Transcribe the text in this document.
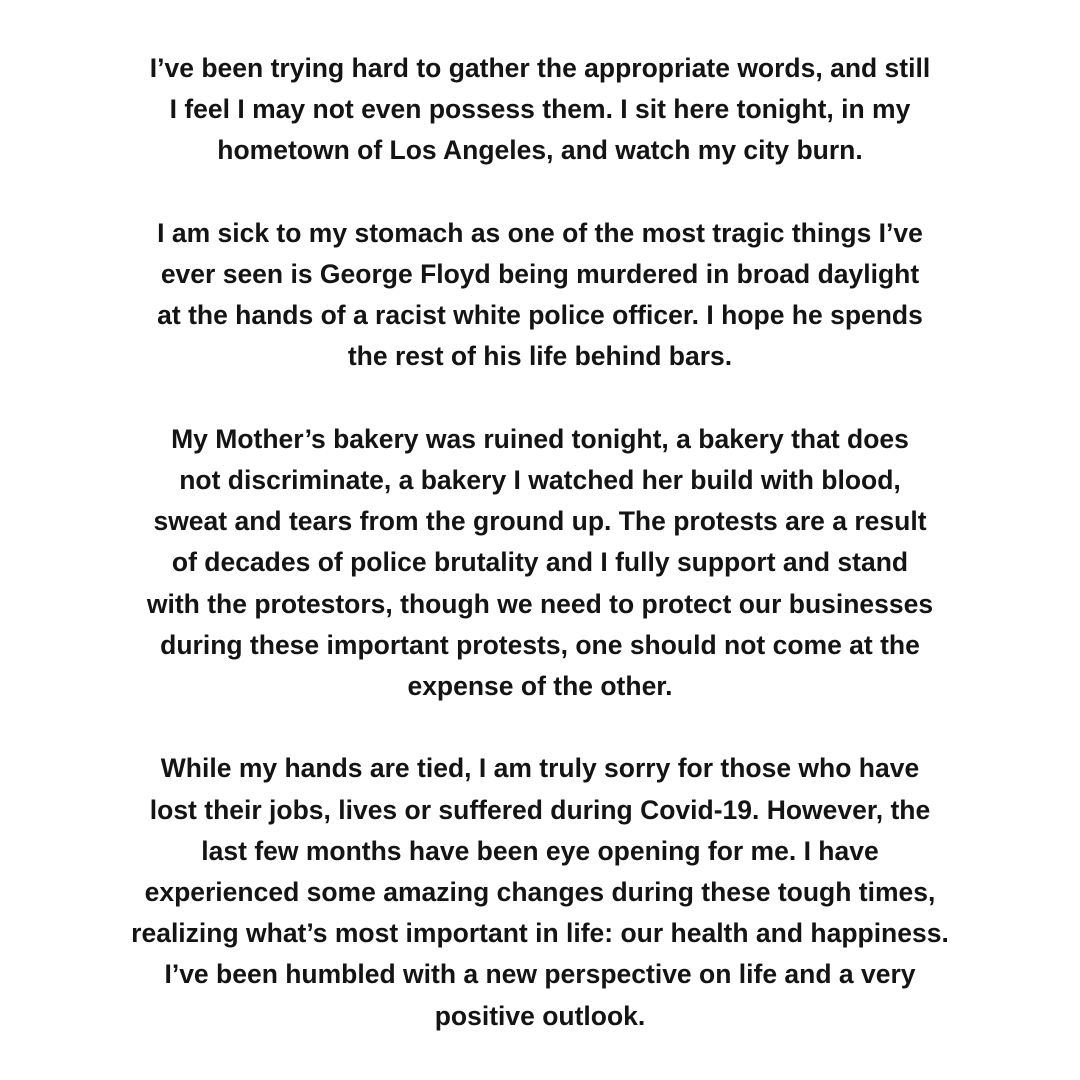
I’ve been trying hard to gather the appropriate words, and still
I feel I may not even possess them. I sit here tonight, in my
hometown of Los Angeles, and watch my city burn.

I am sick to my stomach as one of the most tragic things I’ve
ever seen is George Floyd being murdered in broad daylight
at the hands of a racist white police officer. I hope he spends
the rest of his life behind bars.

My Mother’s bakery was ruined tonight, a bakery that does
not discriminate, a bakery I watched her build with blood,
sweat and tears from the ground up. The protests are a result
of decades of police brutality and I fully support and stand
with the protestors, though we need to protect our businesses
during these important protests, one should not come at the
expense of the other.

While my hands are tied, I am truly sorry for those who have
lost their jobs, lives or suffered during Covid-19. However, the
last few months have been eye opening for me. I have
experienced some amazing changes during these tough times,
realizing what’s most important in life: our health and happiness.
I’ve been humbled with a new perspective on life and a very
positive outlook.
